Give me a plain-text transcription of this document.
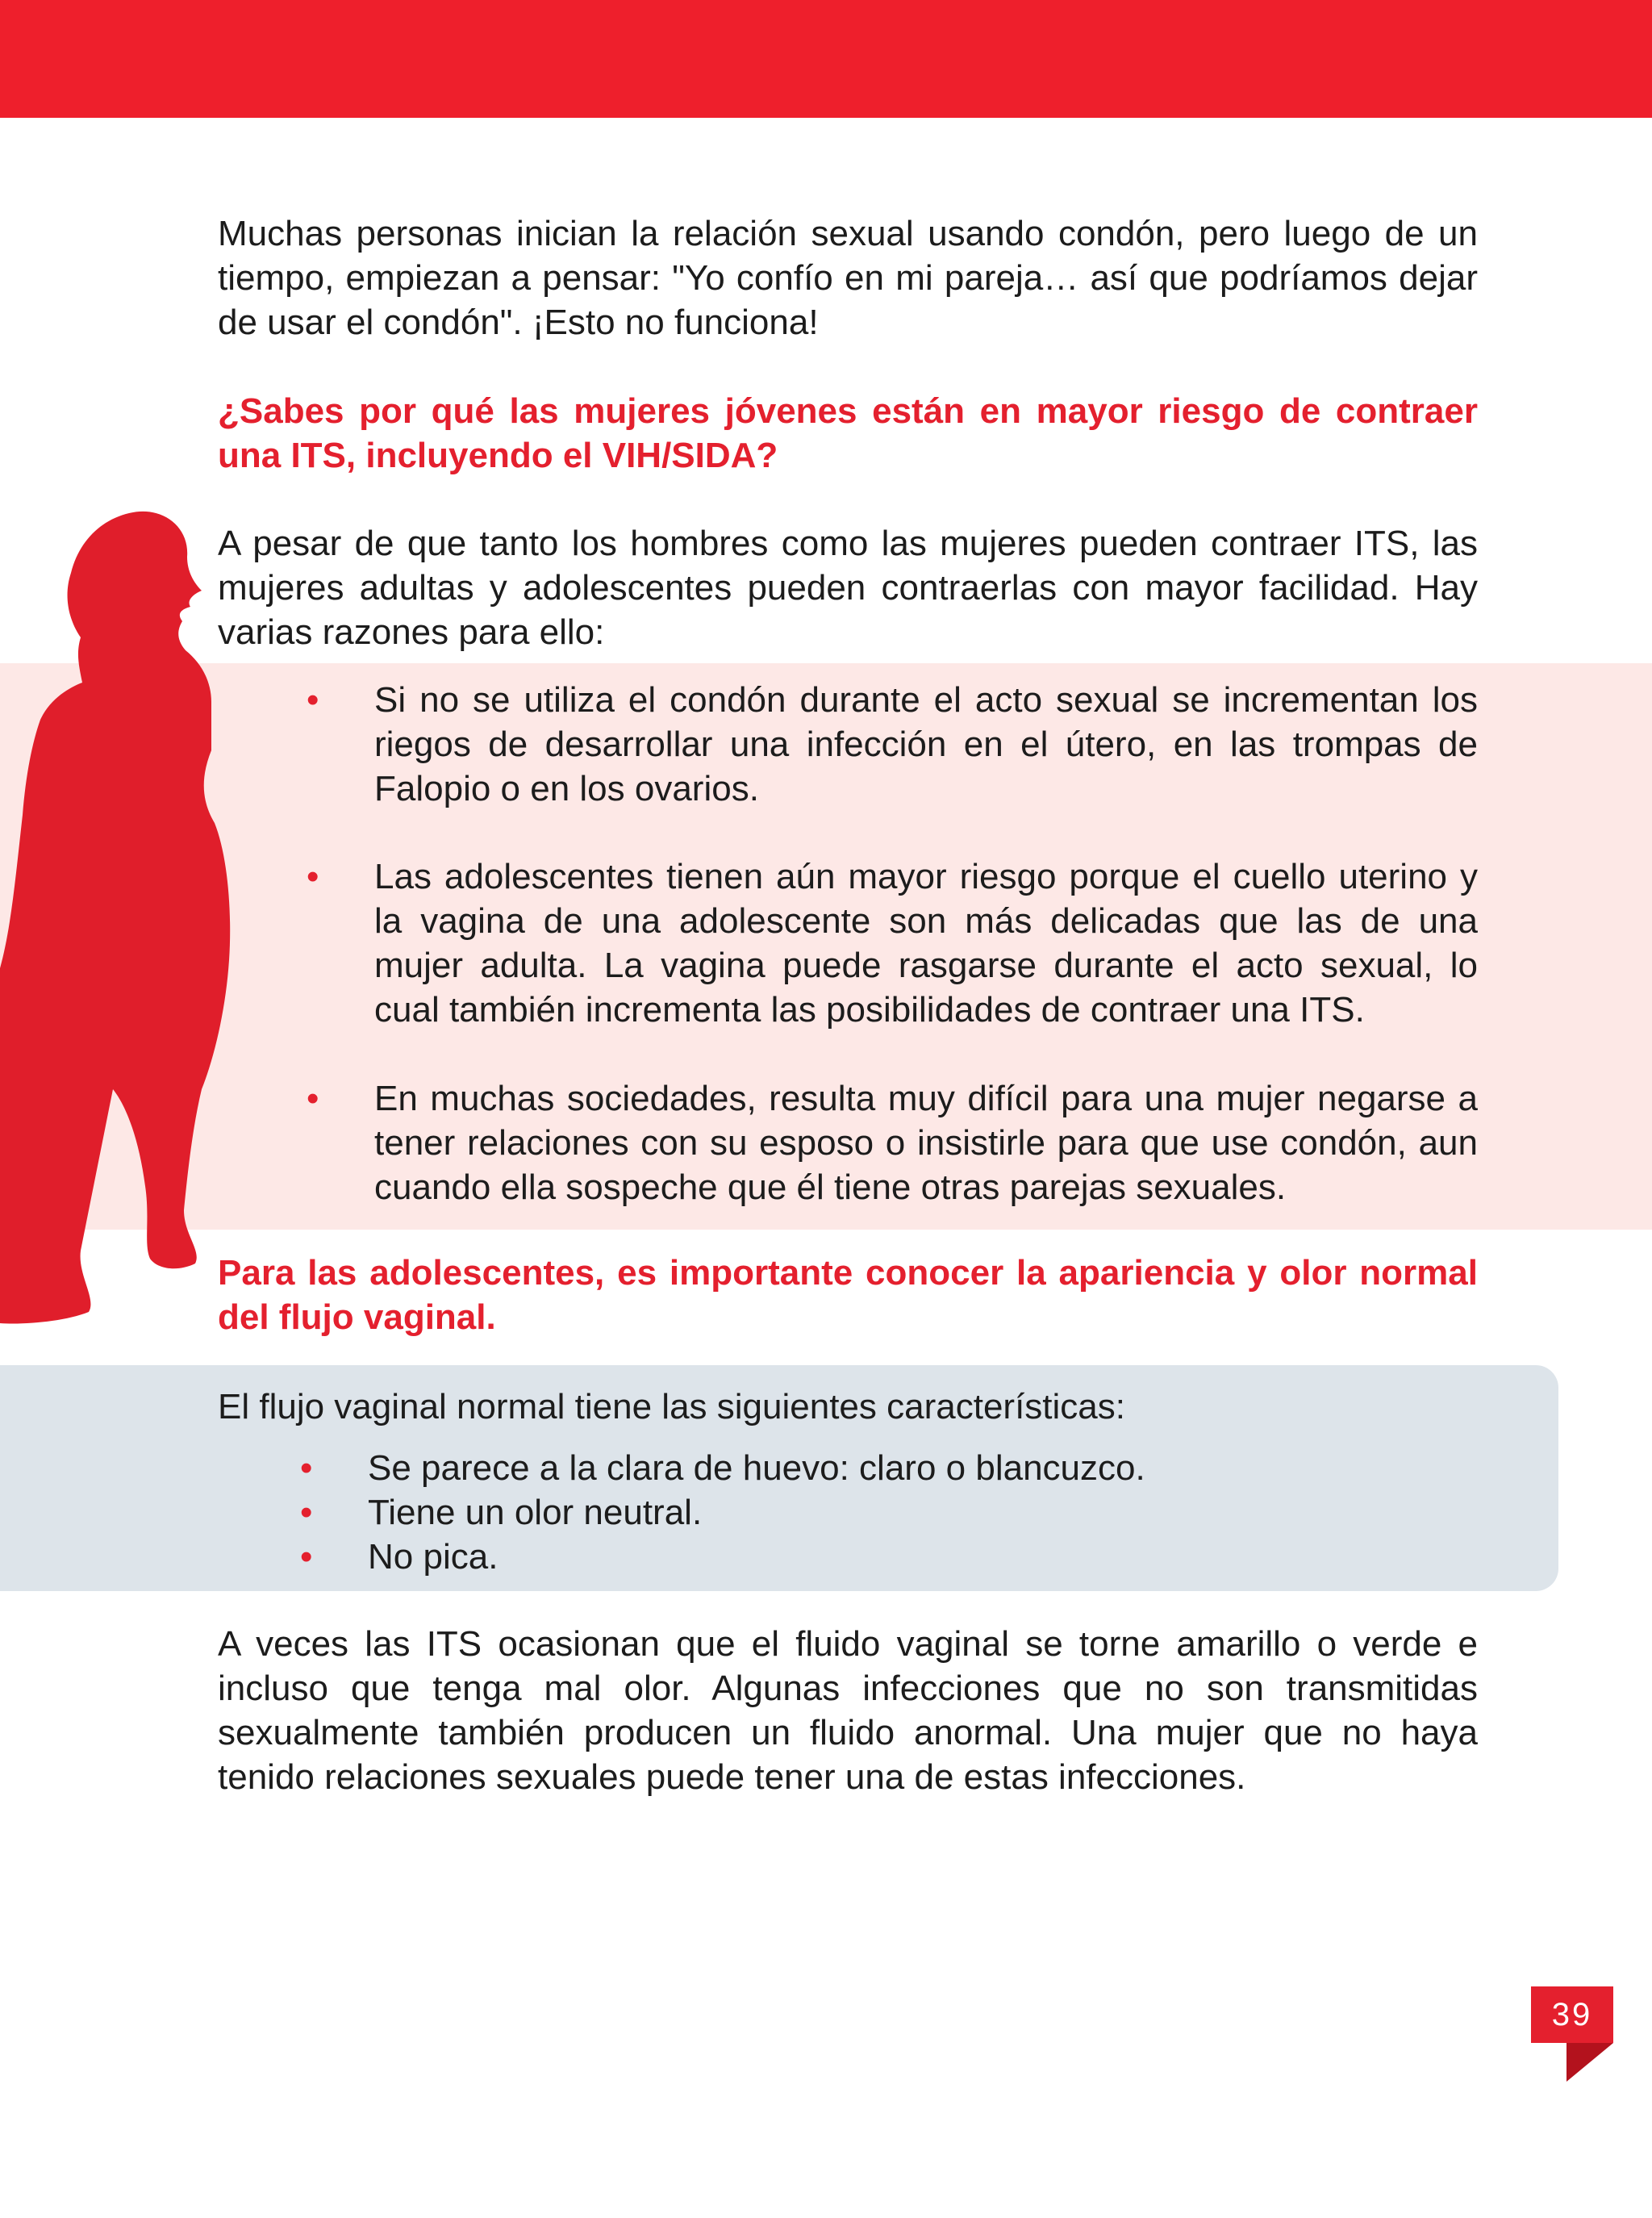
Muchas personas inician la relación sexual usando condón, pero luego de un tiempo, empiezan a pensar: "Yo confío en mi pareja… así que podríamos dejar de usar el condón". ¡Esto no funciona!

¿Sabes por qué las mujeres jóvenes están en mayor riesgo de contraer una ITS, incluyendo el VIH/SIDA?

A pesar de que tanto los hombres como las mujeres pueden contraer ITS, las mujeres adultas y adolescentes pueden contraerlas con mayor facilidad. Hay varias razones para ello:

• Si no se utiliza el condón durante el acto sexual se incrementan los riegos de desarrollar una infección en el útero, en las trompas de Falopio o en los ovarios.

• Las adolescentes tienen aún mayor riesgo porque el cuello uterino y la vagina de una adolescente son más delicadas que las de una mujer adulta. La vagina puede rasgarse durante el acto sexual, lo cual también incrementa las posibilidades de contraer una ITS.

• En muchas sociedades, resulta muy difícil para una mujer negarse a tener relaciones con su esposo o insistirle para que use condón, aun cuando ella sospeche que él tiene otras parejas sexuales.

Para las adolescentes, es importante conocer la apariencia y olor normal del flujo vaginal.

El flujo vaginal normal tiene las siguientes características:

• Se parece a la clara de huevo: claro o blancuzco.

• Tiene un olor neutral.

• No pica.

A veces las ITS ocasionan que el fluido vaginal se torne amarillo o verde e incluso que tenga mal olor. Algunas infecciones que no son transmitidas sexualmente también producen un fluido anormal. Una mujer que no haya tenido relaciones sexuales puede tener una de estas infecciones.

39
